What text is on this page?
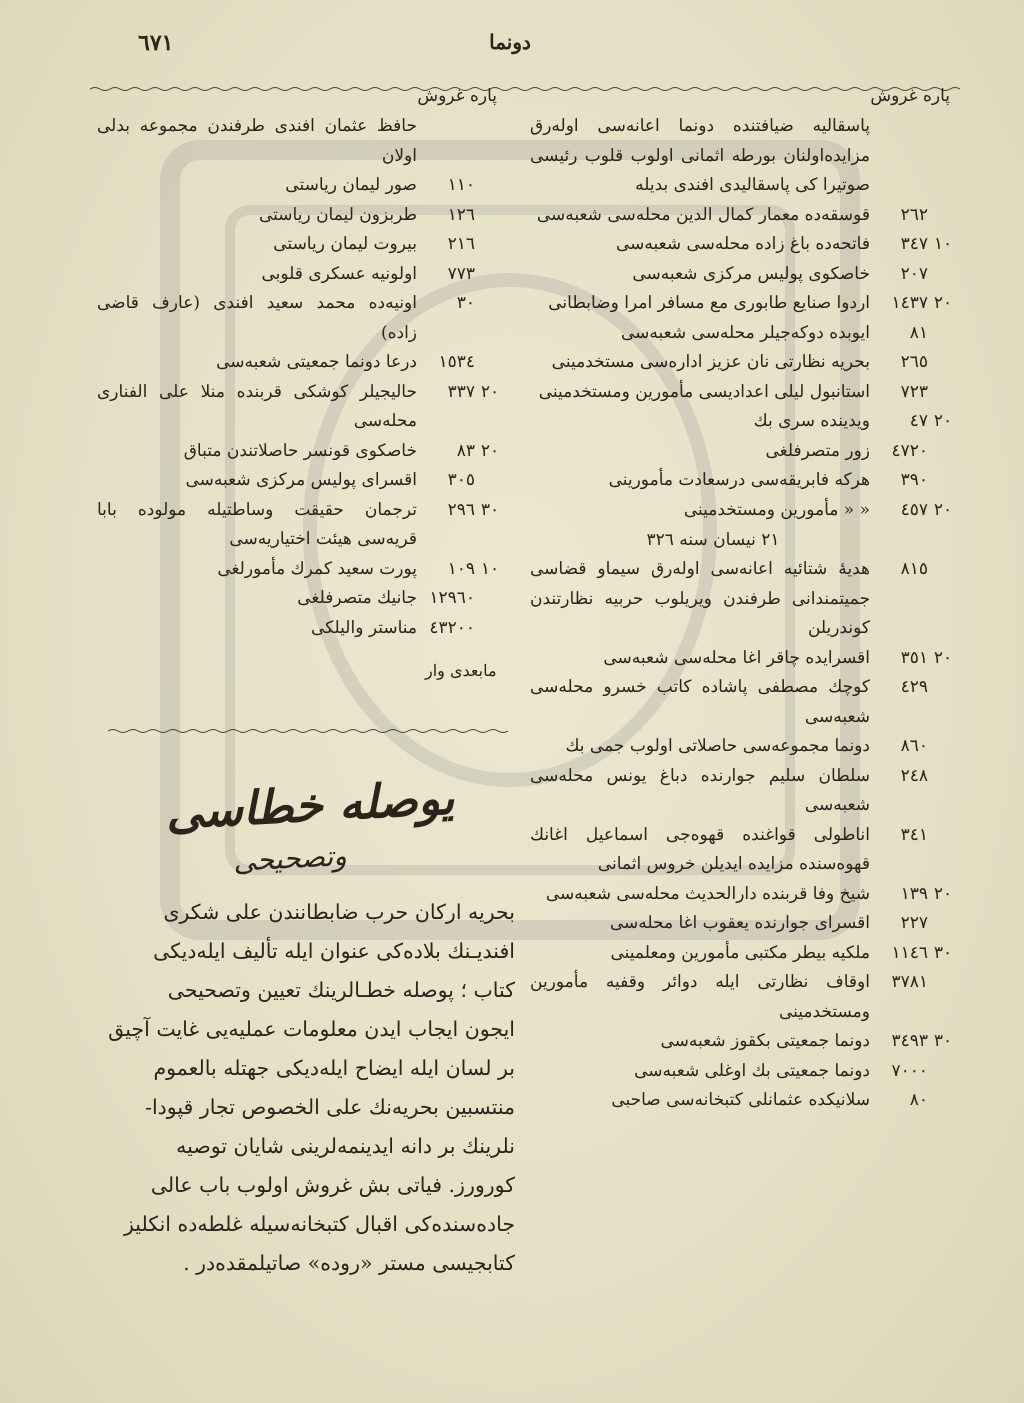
٦٧١	دونما
پاره غروش
پاسقاليه ضيافتنده دونما اعانه‌سی اوله‌رق مزايده‌اولنان بورطه اثمانی اولوب قلوب رئیسی صوتيرا کی پاسقاليدی افندی بدیله
٢٦٢
قوسقه‌ده معمار کمال الدين محله‌سی شعبه‌سی
١٠
٣٤٧
فاتحه‌ده باغ زاده محله‌سی شعبه‌سی
٢٠٧
خاصکوی پوليس مرکزی شعبه‌سی
٢٠
١٤٣٧
اردوا صنايع طابوری مع مسافر امرا وضابطانی
٨١
ايوبده دوکه‌جيلر محله‌سی شعبه‌سی
٢٦٥
بحريه نظارتی نان عزيز اداره‌سی مستخدمينی
٧٢٣
استانبول ليلی اعداديسی مأمورين ومستخدمينی
٢٠
٤٧
ويدينده سری بك
٤٧٢٠
زور متصرفلغی
٣٩٠
هرکه فابريقه‌سی درسعادت مأمورينی
٢٠
٤٥٧
« « مأمورين ومستخدمينی
٢١ نيسان سنه ٣٢٦
٨١٥
هديهٔ شتائيه اعانه‌سی اوله‌رق سيماو قضاسی جميتمندانی طرفندن ويريلوب حربيه نظارتندن کوندريلن
٢٠
٣٥١
اقسرايده چاقر اغا محله‌سی شعبه‌سی
٤٢٩
کوچك مصطفی پاشاده کاتب خسرو محله‌سی شعبه‌سی
٨٦٠
دونما مجموعه‌سی حاصلاتی اولوب جمی بك
٢٤٨
سلطان سليم جوارنده دباغ يونس محله‌سی شعبه‌سی
٣٤١
اناطولی قواغنده قهوه‌جی اسماعيل اغانك قهوه‌سنده مزايده ايديلن خروس اثمانی
٢٠
١٣٩
شيخ وفا قربنده دارالحديث محله‌سی شعبه‌سی
٢٢٧
اقسرای جوارنده يعقوب اغا محله‌سی
٣٠
١١٤٦
ملکيه بيطر مکتبی مأمورين ومعلمينی
٣٧٨١
اوقاف نظارتی ايله دوائر وقفيه مأمورين ومستخدمينی
٣٠
٣٤٩٣
دونما جمعيتی بکقوز شعبه‌سی
٧٠٠٠
دونما جمعيتی بك اوغلی شعبه‌سی
٨٠
سلانيکده عثمانلی کتبخانه‌سی صاحبی
پاره غروش
حافظ عثمان افندی طرفندن مجموعه بدلی اولان
١١٠
صور ليمان رياستی
١٢٦
طربزون ليمان رياستی
٢١٦
بيروت ليمان رياستی
٧٧٣
اولونيه عسکری قلوبی
٣٠
اونيه‌ده محمد سعيد افندی (عارف قاضی زاده)
١٥٣٤
درعا دونما جمعيتی شعبه‌سی
٢٠
٣٣٧
حاليجيلر کوشکی قربنده منلا على الفنارى محله‌سی
٢٠
٨٣
خاصکوی قونسر حاصلاتندن متباق
٣٠٥
اقسرای پوليس مرکزی شعبه‌سی
٣٠
٢٩٦
ترجمان حقيقت وساطتيله مولوده بابا قريه‌سی هيئت اختياريه‌سی
١٠
١٠٩
پورت سعيد کمرك مأمورلغی
١٢٩٦٠
جانيك متصرفلغی
٤٣٢٠٠
مناستر واليلکی
مابعدی وار
يوصله خطاسی
وتصحيحی
بحريه ارکان حرب ضابطانندن على شکری
افنديـنك بلاده‌کی عنوان ايله تأليف ايله‌ديکی
کتاب ؛ پوصله خطـالرينك تعيين وتصحيحی
ايجون ايجاب ايدن معلومات عمليه‌يی غايت آچيق
بر لسان ايله ايضاح ايله‌ديکی جهتله بالعموم
منتسبين بحريه‌نك على الخصوص تجار قپودا-
نلرينك بر دانه ايدينمه‌لرينی شايان توصيه
کورورز. فياتی بش غروش اولوب باب عالی
جاده‌سنده‌کی اقبال کتبخانه‌سيله غلطه‌ده انکليز
کتابجيسی مستر «روده» صاتيلمقده‌در .
